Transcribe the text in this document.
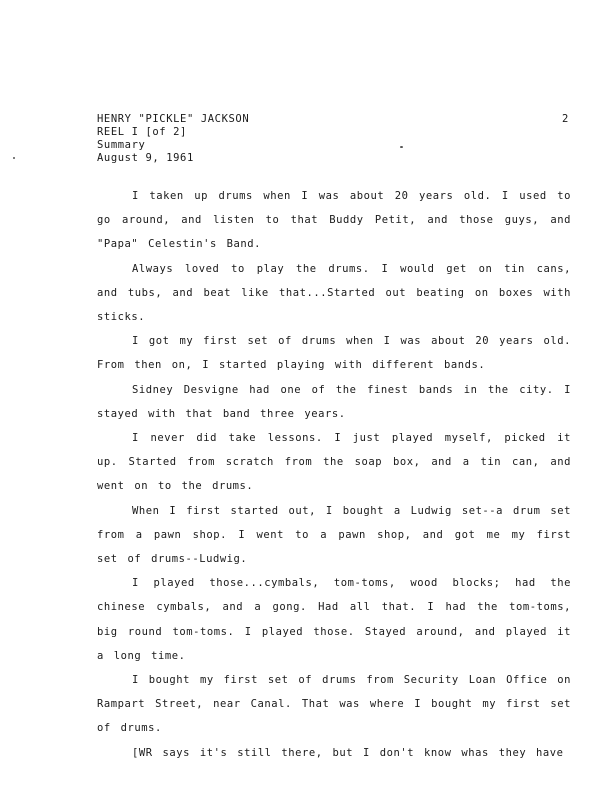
HENRY "PICKLE" JACKSON
REEL I [of 2]
Summary
August 9, 1961
2

I taken up drums when I was about 20 years old. I used to go around, and listen to that Buddy Petit, and those guys, and "Papa" Celestin's Band.

Always loved to play the drums. I would get on tin cans, and tubs, and beat like that...Started out beating on boxes with sticks.

I got my first set of drums when I was about 20 years old. From then on, I started playing with different bands.

Sidney Desvigne had one of the finest bands in the city. I stayed with that band three years.

I never did take lessons. I just played myself, picked it up. Started from scratch from the soap box, and a tin can, and went on to the drums.

When I first started out, I bought a Ludwig set--a drum set from a pawn shop. I went to a pawn shop, and got me my first set of drums--Ludwig.

I played those...cymbals, tom-toms, wood blocks; had the chinese cymbals, and a gong. Had all that. I had the tom-toms, big round tom-toms. I played those. Stayed around, and played it a long time.

I bought my first set of drums from Security Loan Office on Rampart Street, near Canal. That was where I bought my first set of drums.

[WR says it's still there, but I don't know whas they have
